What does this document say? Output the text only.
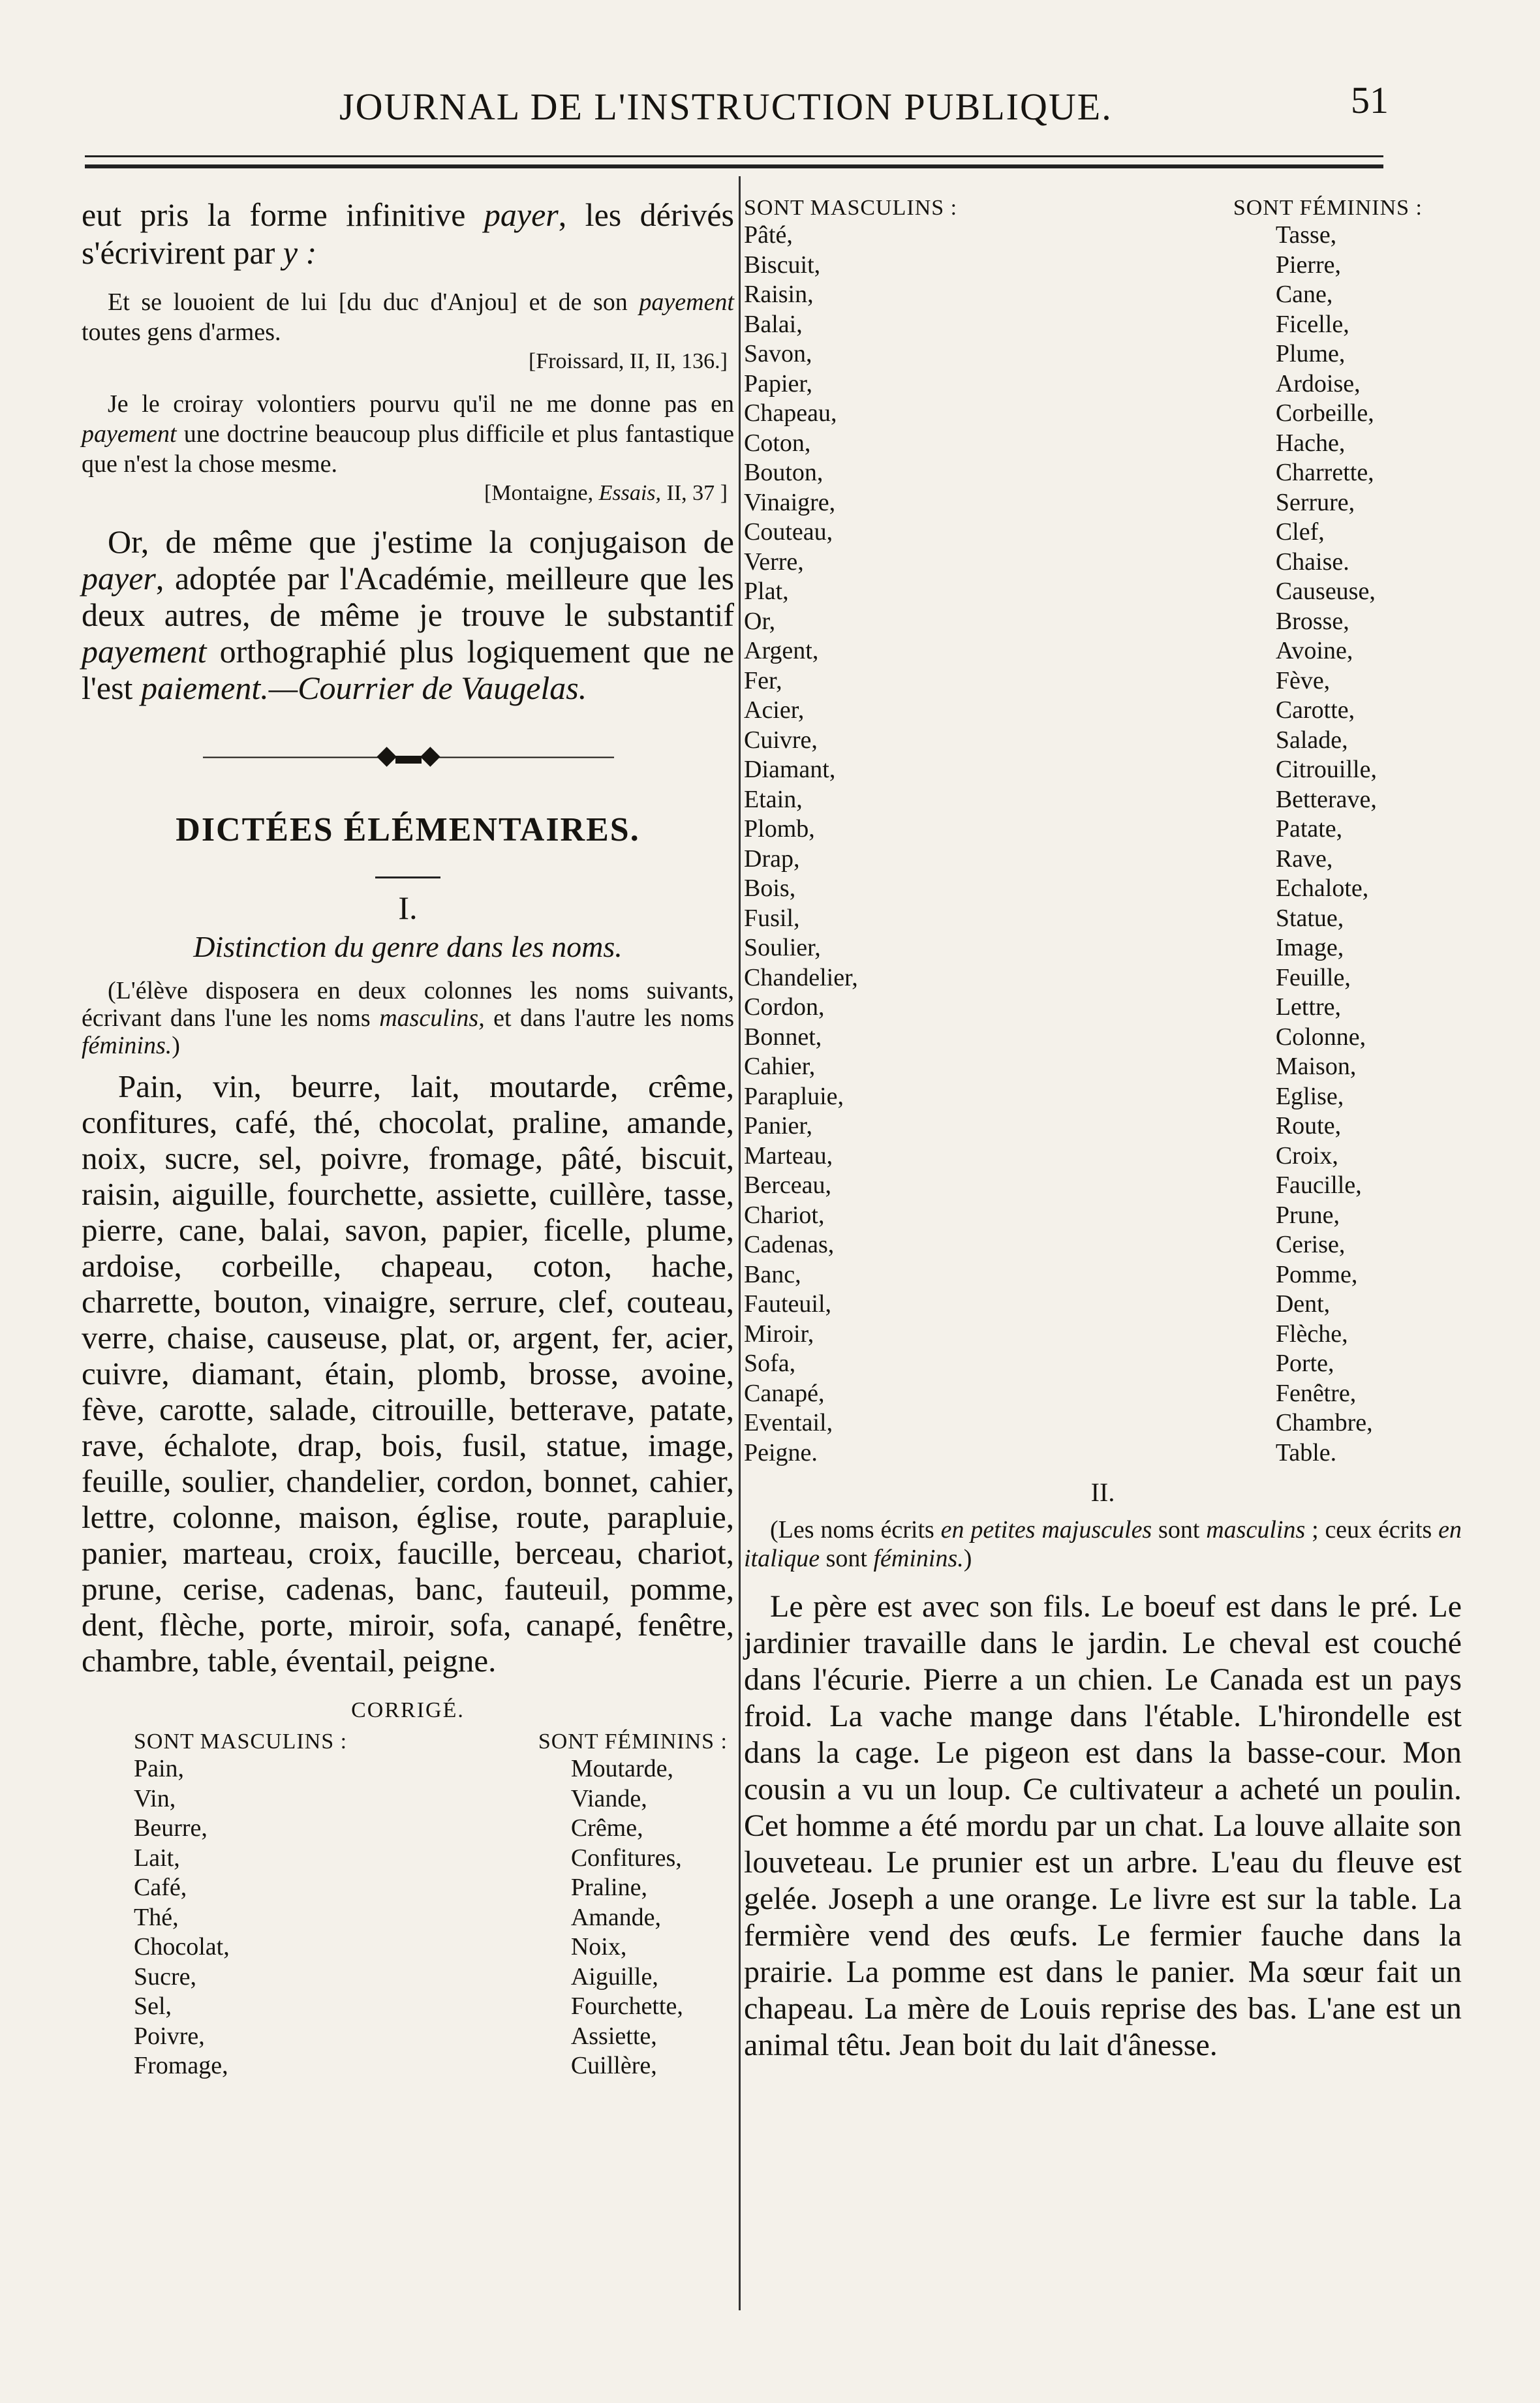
JOURNAL DE L'INSTRUCTION PUBLIQUE.	51

eut pris la forme infinitive payer, les dérivés s'écrivirent par y :

Et se louoient de lui [du duc d'Anjou] et de son payement toutes gens d'armes.

[Froissard, II, II, 136.]

Je le croiray volontiers pourvu qu'il ne me donne pas en payement une doctrine beaucoup plus difficile et plus fantastique que n'est la chose mesme.

[Montaigne, Essais, II, 37 ]

Or, de même que j'estime la conjugaison de payer, adoptée par l'Académie, meilleure que les deux autres, de même je trouve le substantif payement orthographié plus logiquement que ne l'est paiement.—Courrier de Vaugelas.

———————◆▬◆———————
DICTÉES ÉLÉMENTAIRES.
I.
Distinction du genre dans les noms.

(L'élève disposera en deux colonnes les noms suivants, écrivant dans l'une les noms masculins, et dans l'autre les noms féminins.)

Pain, vin, beurre, lait, moutarde, crême, confitures, café, thé, chocolat, praline, amande, noix, sucre, sel, poivre, fromage, pâté, biscuit, raisin, aiguille, fourchette, assiette, cuillère, tasse, pierre, cane, balai, savon, papier, ficelle, plume, ardoise, corbeille, chapeau, coton, hache, charrette, bouton, vinaigre, serrure, clef, couteau, verre, chaise, causeuse, plat, or, argent, fer, acier, cuivre, diamant, étain, plomb, brosse, avoine, fève, carotte, salade, citrouille, betterave, patate, rave, échalote, drap, bois, fusil, statue, image, feuille, soulier, chandelier, cordon, bonnet, cahier, lettre, colonne, maison, église, route, parapluie, panier, marteau, croix, faucille, berceau, chariot, prune, cerise, cadenas, banc, fauteuil, pomme, dent, flèche, porte, miroir, sofa, canapé, fenêtre, chambre, table, éventail, peigne.

CORRIGÉ.
SONT MASCULINS :
Pain,
Vin,
Beurre,
Lait,
Café,
Thé,
Chocolat,
Sucre,
Sel,
Poivre,
Fromage,
SONT FÉMININS :
Moutarde,
Viande,
Crême,
Confitures,
Praline,
Amande,
Noix,
Aiguille,
Fourchette,
Assiette,
Cuillère,
SONT MASCULINS :
Pâté,
Biscuit,
Raisin,
Balai,
Savon,
Papier,
Chapeau,
Coton,
Bouton,
Vinaigre,
Couteau,
Verre,
Plat,
Or,
Argent,
Fer,
Acier,
Cuivre,
Diamant,
Etain,
Plomb,
Drap,
Bois,
Fusil,
Soulier,
Chandelier,
Cordon,
Bonnet,
Cahier,
Parapluie,
Panier,
Marteau,
Berceau,
Chariot,
Cadenas,
Banc,
Fauteuil,
Miroir,
Sofa,
Canapé,
Eventail,
Peigne.
SONT FÉMININS :
Tasse,
Pierre,
Cane,
Ficelle,
Plume,
Ardoise,
Corbeille,
Hache,
Charrette,
Serrure,
Clef,
Chaise.
Causeuse,
Brosse,
Avoine,
Fève,
Carotte,
Salade,
Citrouille,
Betterave,
Patate,
Rave,
Echalote,
Statue,
Image,
Feuille,
Lettre,
Colonne,
Maison,
Eglise,
Route,
Croix,
Faucille,
Prune,
Cerise,
Pomme,
Dent,
Flèche,
Porte,
Fenêtre,
Chambre,
Table.
II.

(Les noms écrits en petites majuscules sont masculins ; ceux écrits en italique sont féminins.)

Le père est avec son fils. Le boeuf est dans le pré. Le jardinier travaille dans le jardin. Le cheval est couché dans l'écurie. Pierre a un chien. Le Canada est un pays froid. La vache mange dans l'étable. L'hirondelle est dans la cage. Le pigeon est dans la basse-cour. Mon cousin a vu un loup. Ce cultivateur a acheté un poulin. Cet homme a été mordu par un chat. La louve allaite son louveteau. Le prunier est un arbre. L'eau du fleuve est gelée. Joseph a une orange. Le livre est sur la table. La fermière vend des œufs. Le fermier fauche dans la prairie. La pomme est dans le panier. Ma sœur fait un chapeau. La mère de Louis reprise des bas. L'ane est un animal têtu. Jean boit du lait d'ânesse.
